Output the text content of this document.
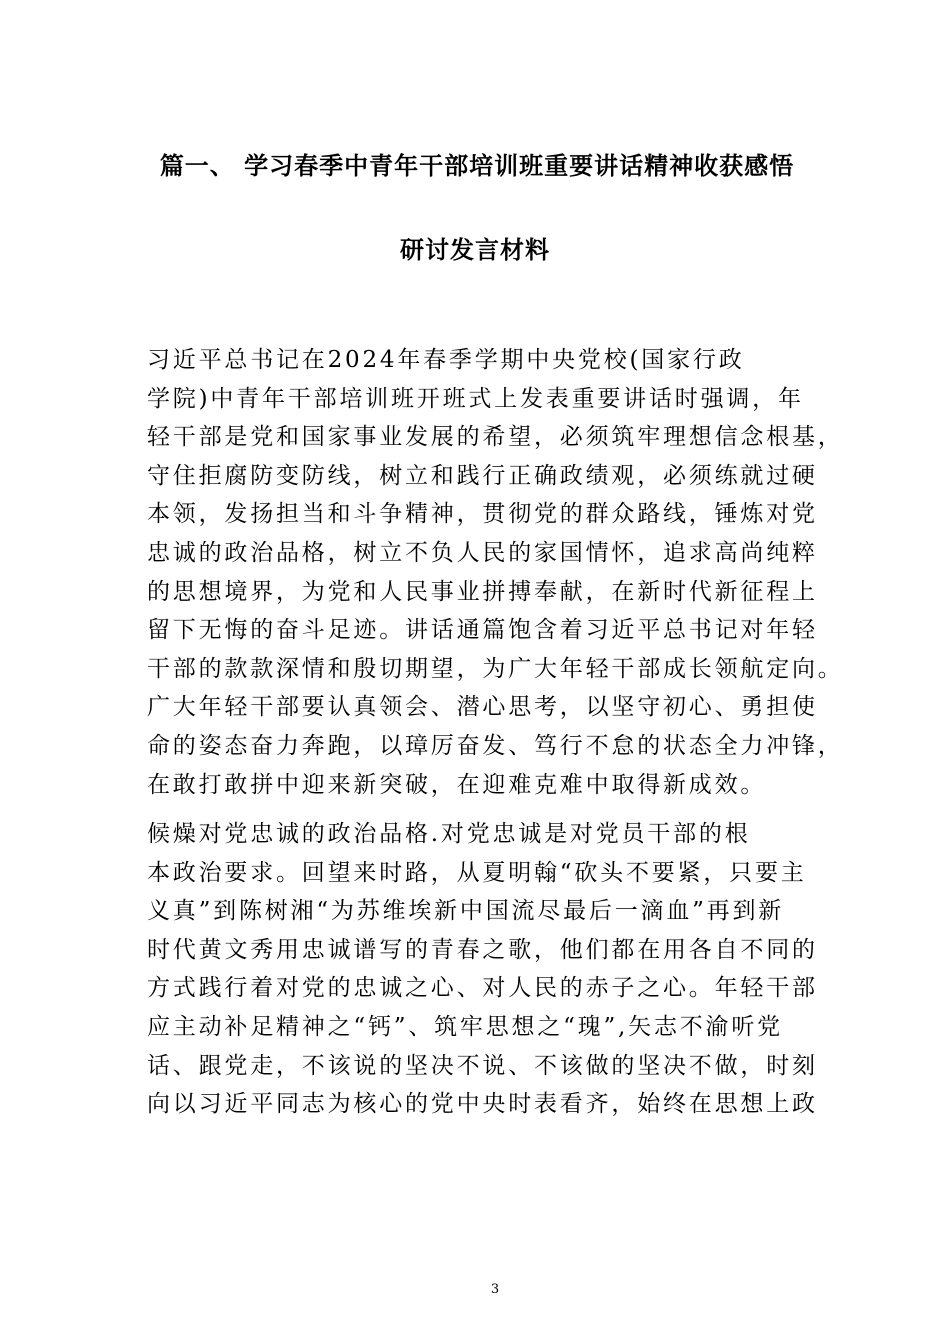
篇一、 学习春季中青年干部培训班重要讲话精神收获感悟
研讨发言材料
习近平总书记在2024年春季学期中央党校(国家行政
学院)中青年干部培训班开班式上发表重要讲话时强调，年
轻干部是党和国家事业发展的希望，必须筑牢理想信念根基，
守住拒腐防变防线，树立和践行正确政绩观，必须练就过硬
本领，发扬担当和斗争精神，贯彻党的群众路线，锤炼对党
忠诚的政治品格，树立不负人民的家国情怀，追求高尚纯粹
的思想境界，为党和人民事业拼搏奉献，在新时代新征程上
留下无悔的奋斗足迹。讲话通篇饱含着习近平总书记对年轻
干部的款款深情和殷切期望，为广大年轻干部成长领航定向。
广大年轻干部要认真领会、潜心思考，以坚守初心、勇担使
命的姿态奋力奔跑，以璋厉奋发、笃行不怠的状态全力冲锋，
在敢打敢拼中迎来新突破，在迎难克难中取得新成效。
候燥对党忠诚的政治品格.对党忠诚是对党员干部的根
本政治要求。回望来时路，从夏明翰“砍头不要紧，只要主
义真”到陈树湘“为苏维埃新中国流尽最后一滴血”再到新
时代黄文秀用忠诚谱写的青春之歌，他们都在用各自不同的
方式践行着对党的忠诚之心、对人民的赤子之心。年轻干部
应主动补足精神之“钙”、筑牢思想之“瑰”,矢志不渝听党
话、跟党走，不该说的坚决不说、不该做的坚决不做，时刻
向以习近平同志为核心的党中央时表看齐，始终在思想上政

3
